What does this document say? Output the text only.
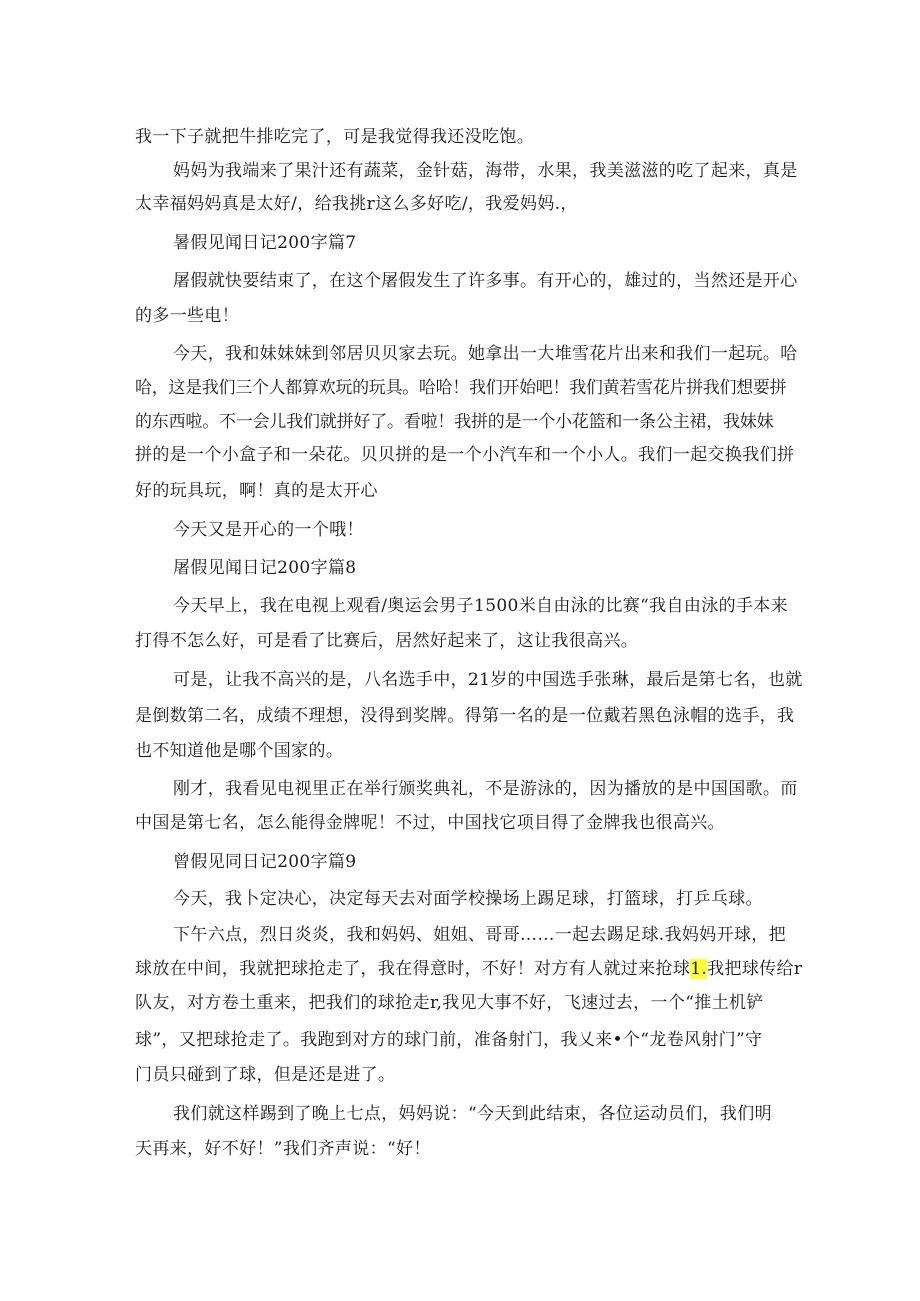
我一下子就把牛排吃完了，可是我觉得我还没吃饱。
妈妈为我端来了果汁还有蔬菜，金针菇，海带，水果，我美滋滋的吃了起来，真是
太幸福妈妈真是太好/，给我挑r这么多好吃/，我爱妈妈.，
暑假见闻日记200字篇7
屠假就快要结束了，在这个屠假发生了许多事。有开心的，雄过的，当然还是开心
的多一些电！
今天，我和妹妹妹到邻居贝贝家去玩。她拿出一大堆雪花片出来和我们一起玩。哈
哈，这是我们三个人都算欢玩的玩具。哈哈！我们开始吧！我们黄若雪花片拼我们想要拼
的东西啦。不一会儿我们就拼好了。看啦！我拼的是一个小花篮和一条公主裙，我妹妹
拼的是一个小盒子和一朵花。贝贝拼的是一个小汽车和一个小人。我们一起交换我们拼
好的玩具玩，啊！真的是太开心
今天又是开心的一个哦！
屠假见闻日记200字篇8
今天早上，我在电视上观看/奥运会男子1500米自由泳的比赛“我自由泳的手本来
打得不怎么好，可是看了比赛后，居然好起来了，这让我很高兴。
可是，让我不高兴的是，八名选手中，21岁的中国选手张琳，最后是第七名，也就
是倒数第二名，成绩不理想，没得到奖牌。得第一名的是一位戴若黑色泳帽的选手，我
也不知道他是哪个国家的。
刚才，我看见电视里正在举行颁奖典礼，不是游泳的，因为播放的是中国国歌。而
中国是第七名，怎么能得金牌呢！不过，中国找它项目得了金牌我也很高兴。
曾假见同日记200字篇9
今天，我卜定决心，决定每天去对面学校操场上踢足球，打篮球，打乒乓球。
下午六点，烈日炎炎，我和妈妈、姐姐、哥哥……一起去踢足球.我妈妈开球，把
球放在中间，我就把球抢走了，我在得意时，不好！对方有人就过来抢球1.我把球传给r
队友，对方卷土重来，把我们的球抢走r,我见大事不好，飞速过去，一个“推土机铲
球”，又把球抢走了。我跑到对方的球门前，准备射门，我乂来•个“龙卷风射门”守
门员只碰到了球，但是还是进了。
我们就这样踢到了晚上七点，妈妈说：“今天到此结束，各位运动员们，我们明
天再来，好不好！”我们齐声说：“好！
